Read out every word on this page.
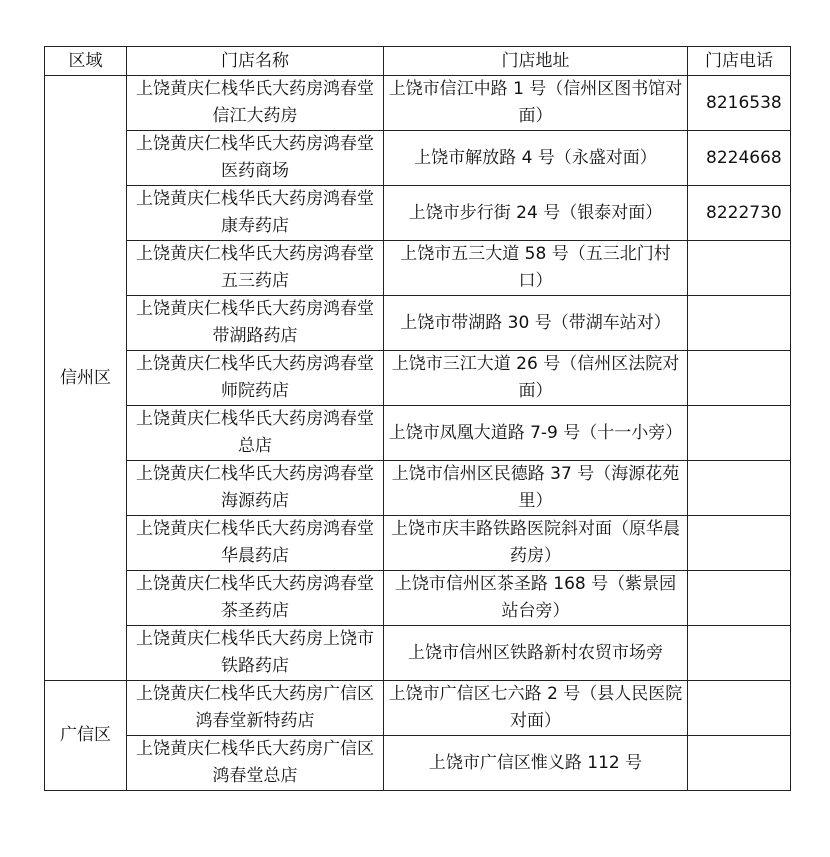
区域	门店名称	门店地址	门店电话
信州区	上饶黄庆仁栈华氏大药房鸿春堂信江大药房	上饶市信江中路 1 号（信州区图书馆对面）	8216538
	上饶黄庆仁栈华氏大药房鸿春堂医药商场	上饶市解放路 4 号（永盛对面）	8224668
	上饶黄庆仁栈华氏大药房鸿春堂康寿药店	上饶市步行街 24 号（银泰对面）	8222730
	上饶黄庆仁栈华氏大药房鸿春堂五三药店	上饶市五三大道 58 号（五三北门村口）	
	上饶黄庆仁栈华氏大药房鸿春堂带湖路药店	上饶市带湖路 30 号（带湖车站对）	
	上饶黄庆仁栈华氏大药房鸿春堂师院药店	上饶市三江大道 26 号（信州区法院对面）	
	上饶黄庆仁栈华氏大药房鸿春堂总店	上饶市凤凰大道路 7-9 号（十一小旁）	
	上饶黄庆仁栈华氏大药房鸿春堂海源药店	上饶市信州区民德路 37 号（海源花苑里）	
	上饶黄庆仁栈华氏大药房鸿春堂华晨药店	上饶市庆丰路铁路医院斜对面（原华晨药房）	
	上饶黄庆仁栈华氏大药房鸿春堂茶圣药店	上饶市信州区茶圣路 168 号（紫景园站台旁）	
	上饶黄庆仁栈华氏大药房上饶市铁路药店	上饶市信州区铁路新村农贸市场旁	
广信区	上饶黄庆仁栈华氏大药房广信区鸿春堂新特药店	上饶市广信区七六路 2 号（县人民医院对面）	
	上饶黄庆仁栈华氏大药房广信区鸿春堂总店	上饶市广信区惟义路 112 号	
